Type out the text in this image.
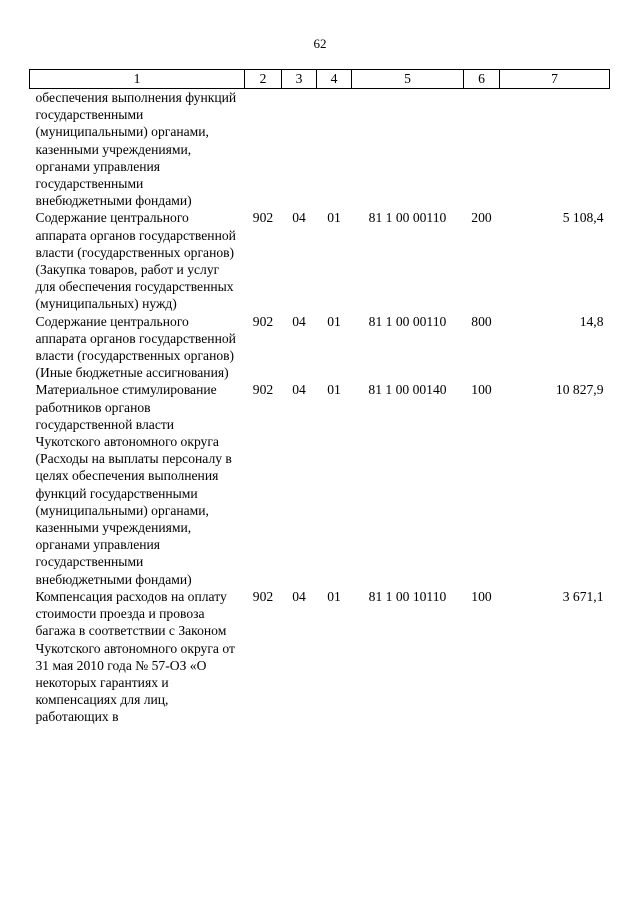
62
1	2	3	4	5	6	7
обеспечения выполнения функций государственными (муниципальными) органами, казенными учреждениями, органами управления государственными внебюджетными фондами)						
Содержание центрального аппарата органов государственной власти (государственных органов) (Закупка товаров, работ и услуг для обеспечения государственных (муниципальных) нужд)	902	04	01	81 1 00 00110	200	5 108,4
Содержание центрального аппарата органов государственной власти (государственных органов) (Иные бюджетные ассигнования)	902	04	01	81 1 00 00110	800	14,8
Материальное стимулирование работников органов государственной власти Чукотского автономного округа (Расходы на выплаты персоналу в целях обеспечения выполнения функций государственными (муниципальными) органами, казенными учреждениями, органами управления государственными внебюджетными фондами)	902	04	01	81 1 00 00140	100	10 827,9
Компенсация расходов на оплату стоимости проезда и провоза багажа в соответствии с Законом Чукотского автономного округа от 31 мая 2010 года № 57-ОЗ «О некоторых гарантиях и компенсациях для лиц, работающих в	902	04	01	81 1 00 10110	100	3 671,1
